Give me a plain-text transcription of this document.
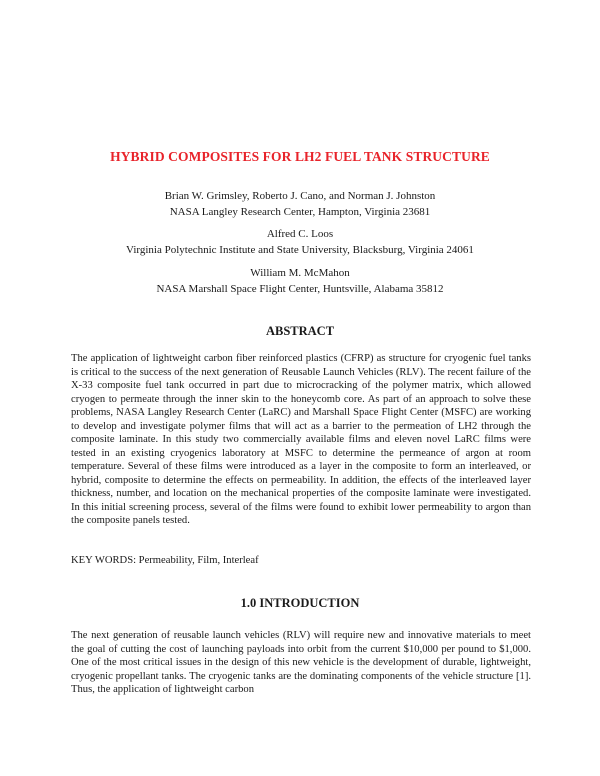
HYBRID COMPOSITES FOR LH2 FUEL TANK STRUCTURE
Brian W. Grimsley, Roberto J. Cano, and Norman J. Johnston
NASA Langley Research Center, Hampton, Virginia 23681
Alfred C. Loos
Virginia Polytechnic Institute and State University, Blacksburg, Virginia 24061
William M. McMahon
NASA Marshall Space Flight Center, Huntsville, Alabama 35812
ABSTRACT

The application of lightweight carbon fiber reinforced plastics (CFRP) as structure for cryogenic fuel tanks is critical to the success of the next generation of Reusable Launch Vehicles (RLV). The recent failure of the X-33 composite fuel tank occurred in part due to microcracking of the polymer matrix, which allowed cryogen to permeate through the inner skin to the honeycomb core. As part of an approach to solve these problems, NASA Langley Research Center (LaRC) and Marshall Space Flight Center (MSFC) are working to develop and investigate polymer films that will act as a barrier to the permeation of LH2 through the composite laminate. In this study two commercially available films and eleven novel LaRC films were tested in an existing cryogenics laboratory at MSFC to determine the permeance of argon at room temperature. Several of these films were introduced as a layer in the composite to form an interleaved, or hybrid, composite to determine the effects on permeability. In addition, the effects of the interleaved layer thickness, number, and location on the mechanical properties of the composite laminate were investigated. In this initial screening process, several of the films were found to exhibit lower permeability to argon than the composite panels tested.

KEY WORDS: Permeability, Film, Interleaf
1.0 INTRODUCTION

The next generation of reusable launch vehicles (RLV) will require new and innovative materials to meet the goal of cutting the cost of launching payloads into orbit from the current $10,000 per pound to $1,000. One of the most critical issues in the design of this new vehicle is the development of durable, lightweight, cryogenic propellant tanks. The cryogenic tanks are the dominating components of the vehicle structure [1]. Thus, the application of lightweight carbon
